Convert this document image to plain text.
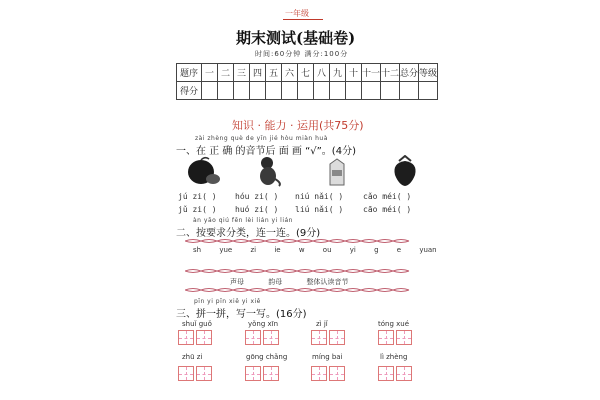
一年级
期末测试(基础卷)
时间:60分钟 满分:100分
题序	一	二	三	四	五	六	七	八	九	十	十一	十二	总分	等级
得分														
知识 · 能力 · 运用(共75分)
zài zhèng què de yīn jié hòu miàn huà
一、在 正 确 的音节后 面 画 “√”。(4分)
jú zi( ) hóu zi( ) niú nǎi( ) cǎo méi( )
jǔ zi( ) huó zi( ) liú nǎi( ) cāo méi( )
àn yāo qiú fēn lèi lián yi lián
二、按要求分类，连一连。(9分)
sh	yue	zi	ie	w	ou	yi	g	e	yuan
声母	韵母	整体认读音节
pīn yi pīn xiě yi xiě
三、拼一拼，写一写。(16分)
shuǐ guǒ	yǒng xīn	zì jǐ	tóng xué
zhū zi	gōng chǎng	míng bai	lì zhèng
